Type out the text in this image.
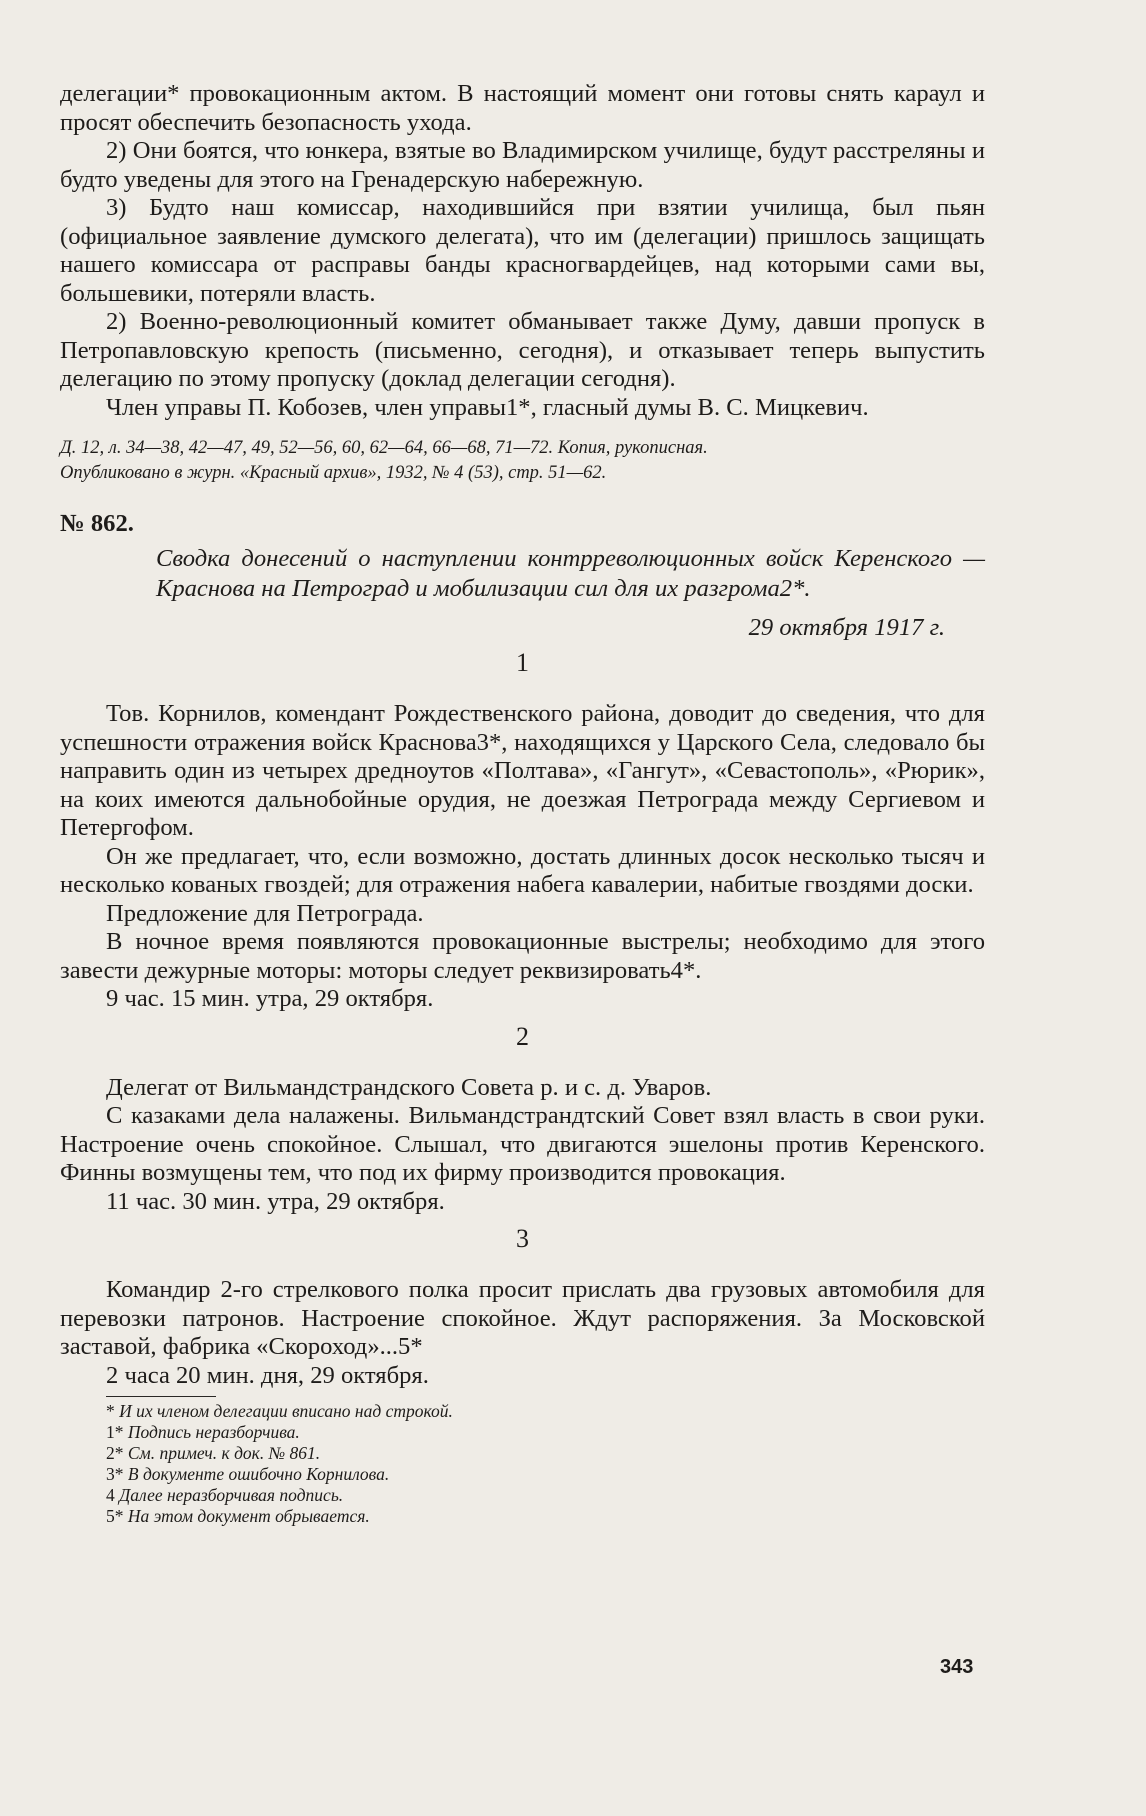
делегации* провокационным актом. В настоящий момент они готовы снять караул и просят обеспечить безопасность ухода.

2) Они боятся, что юнкера, взятые во Владимирском училище, будут расстреляны и будто уведены для этого на Гренадерскую набережную.

3) Будто наш комиссар, находившийся при взятии училища, был пьян (официальное заявление думского делегата), что им (делегации) пришлось защищать нашего комиссара от расправы банды красногвардейцев, над которыми сами вы, большевики, потеряли власть.

2) Военно-революционный комитет обманывает также Думу, давши пропуск в Петропавловскую крепость (письменно, сегодня), и отказывает теперь выпустить делегацию по этому пропуску (доклад делегации сегодня).

Член управы П. Кобозев, член управы1*, гласный думы В. С. Мицкевич.

Д. 12, л. 34—38, 42—47, 49, 52—56, 60, 62—64, 66—68, 71—72. Копия, рукописная.

Опубликовано в журн. «Красный архив», 1932, № 4 (53), стр. 51—62.

№ 862.

Сводка донесений о наступлении контрреволюционных войск Керенского — Краснова на Петроград и мобилизации сил для их разгрома2*.

29 октября 1917 г.

1

Тов. Корнилов, комендант Рождественского района, доводит до сведения, что для успешности отражения войск Краснова3*, находящихся у Царского Села, следовало бы направить один из четырех дредноутов «Полтава», «Гангут», «Севастополь», «Рюрик», на коих имеются дальнобойные орудия, не доезжая Петрограда между Сергиевом и Петергофом.

Он же предлагает, что, если возможно, достать длинных досок несколько тысяч и несколько кованых гвоздей; для отражения набега кавалерии, набитые гвоздями доски.

Предложение для Петрограда.

В ночное время появляются провокационные выстрелы; необходимо для этого завести дежурные моторы: моторы следует реквизировать4*.

9 час. 15 мин. утра, 29 октября.

2

Делегат от Вильмандстрандского Совета р. и с. д. Уваров.

С казаками дела налажены. Вильмандстрандтский Совет взял власть в свои руки. Настроение очень спокойное. Слышал, что двигаются эшелоны против Керенского. Финны возмущены тем, что под их фирму производится провокация.

11 час. 30 мин. утра, 29 октября.

3

Командир 2-го стрелкового полка просит прислать два грузовых автомобиля для перевозки патронов. Настроение спокойное. Ждут распоряжения. За Московской заставой, фабрика «Скороход»...5*

2 часа 20 мин. дня, 29 октября.

* И их членом делегации вписано над строкой.

1* Подпись неразборчива.

2* См. примеч. к док. № 861.

3* В документе ошибочно Корнилова.

4 Далее неразборчивая подпись.

5* На этом документ обрывается.

343
